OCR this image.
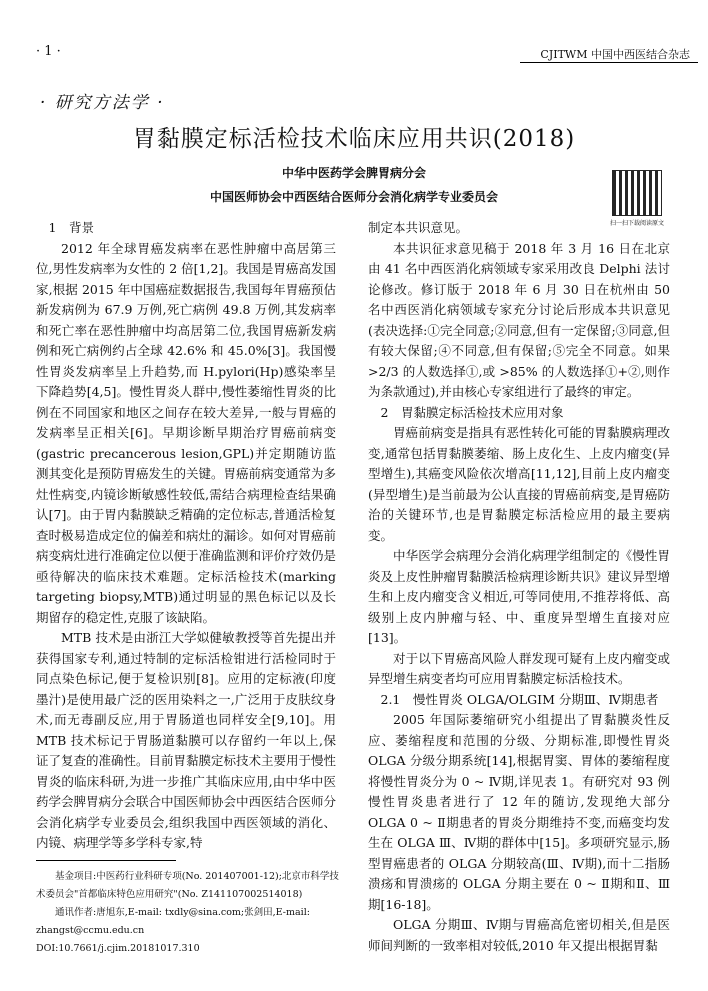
· 1 ·	CJITWM 中国中西医结合杂志
· 研究方法学 ·
胃黏膜定标活检技术临床应用共识(2018)
中华中医药学会脾胃病分会
中国医师协会中西医结合医师分会消化病学专业委员会
扫一扫下载阅读原文

1　背景

2012 年全球胃癌发病率在恶性肿瘤中高居第三位,男性发病率为女性的 2 倍[1,2]。我国是胃癌高发国家,根据 2015 年中国癌症数据报告,我国每年胃癌预估新发病例为 67.9 万例,死亡病例 49.8 万例,其发病率和死亡率在恶性肿瘤中均高居第二位,我国胃癌新发病例和死亡病例约占全球 42.6% 和 45.0%[3]。我国慢性胃炎发病率呈上升趋势,而 H.pylori(Hp)感染率呈下降趋势[4,5]。慢性胃炎人群中,慢性萎缩性胃炎的比例在不同国家和地区之间存在较大差异,一般与胃癌的发病率呈正相关[6]。早期诊断早期治疗胃癌前病变(gastric precancerous lesion,GPL)并定期随访监测其变化是预防胃癌发生的关键。胃癌前病变通常为多灶性病变,内镜诊断敏感性较低,需结合病理检查结果确认[7]。由于胃内黏膜缺乏精确的定位标志,普通活检复查时极易造成定位的偏差和病灶的漏诊。如何对胃癌前病变病灶进行准确定位以便于准确监测和评价疗效仍是亟待解决的临床技术难题。定标活检技术(marking targeting biopsy,MTB)通过明显的黑色标记以及长期留存的稳定性,克服了该缺陷。

MTB 技术是由浙江大学姒健敏教授等首先提出并获得国家专利,通过特制的定标活检钳进行活检同时于同点染色标记,便于复检识别[8]。应用的定标液(印度墨汁)是使用最广泛的医用染料之一,广泛用于皮肤纹身术,而无毒副反应,用于胃肠道也同样安全[9,10]。用 MTB 技术标记于胃肠道黏膜可以存留约一年以上,保证了复查的准确性。目前胃黏膜定标技术主要用于慢性胃炎的临床科研,为进一步推广其临床应用,由中华中医药学会脾胃病分会联合中国医师协会中西医结合医师分会消化病学专业委员会,组织我国中西医领域的消化、内镜、病理学等多学科专家,特

制定本共识意见。

本共识征求意见稿于 2018 年 3 月 16 日在北京由 41 名中西医消化病领域专家采用改良 Delphi 法讨论修改。修订版于 2018 年 6 月 30 日在杭州由 50 名中西医消化病领域专家充分讨论后形成本共识意见(表决选择:①完全同意;②同意,但有一定保留;③同意,但有较大保留;④不同意,但有保留;⑤完全不同意。如果 >2/3 的人数选择①,或 >85% 的人数选择①+②,则作为条款通过),并由核心专家组进行了最终的审定。

2　胃黏膜定标活检技术应用对象

胃癌前病变是指具有恶性转化可能的胃黏膜病理改变,通常包括胃黏膜萎缩、肠上皮化生、上皮内瘤变(异型增生),其癌变风险依次增高[11,12],目前上皮内瘤变(异型增生)是当前最为公认直接的胃癌前病变,是胃癌防治的关键环节,也是胃黏膜定标活检应用的最主要病变。

中华医学会病理分会消化病理学组制定的《慢性胃炎及上皮性肿瘤胃黏膜活检病理诊断共识》建议异型增生和上皮内瘤变含义相近,可等同使用,不推荐将低、高级别上皮内肿瘤与轻、中、重度异型增生直接对应[13]。

对于以下胃癌高风险人群发现可疑有上皮内瘤变或异型增生病变者均可应用胃黏膜定标活检技术。

2.1　慢性胃炎 OLGA/OLGIM 分期Ⅲ、Ⅳ期患者

2005 年国际萎缩研究小组提出了胃黏膜炎性反应、萎缩程度和范围的分级、分期标准,即慢性胃炎 OLGA 分级分期系统[14],根据胃窦、胃体的萎缩程度将慢性胃炎分为 0 ~ Ⅳ期,详见表 1。有研究对 93 例慢性胃炎患者进行了 12 年的随访,发现绝大部分 OLGA 0 ~ Ⅱ期患者的胃炎分期维持不变,而癌变均发生在 OLGA Ⅲ、Ⅳ期的群体中[15]。多项研究显示,肠型胃癌患者的 OLGA 分期较高(Ⅲ、Ⅳ期),而十二指肠溃疡和胃溃疡的 OLGA 分期主要在 0 ~ Ⅱ期和Ⅱ、Ⅲ期[16-18]。

OLGA 分期Ⅲ、Ⅳ期与胃癌高危密切相关,但是医师间判断的一致率相对较低,2010 年又提出根据胃黏

基金项目:中医药行业科研专项(No. 201407001-12);北京市科学技术委员会"首都临床特色应用研究"(No. Z141107002514018)

通讯作者:唐旭东,E-mail: txdly@sina.com;张剑田,E-mail: zhangst@ccmu.edu.cn

DOI:10.7661/j.cjim.20181017.310
